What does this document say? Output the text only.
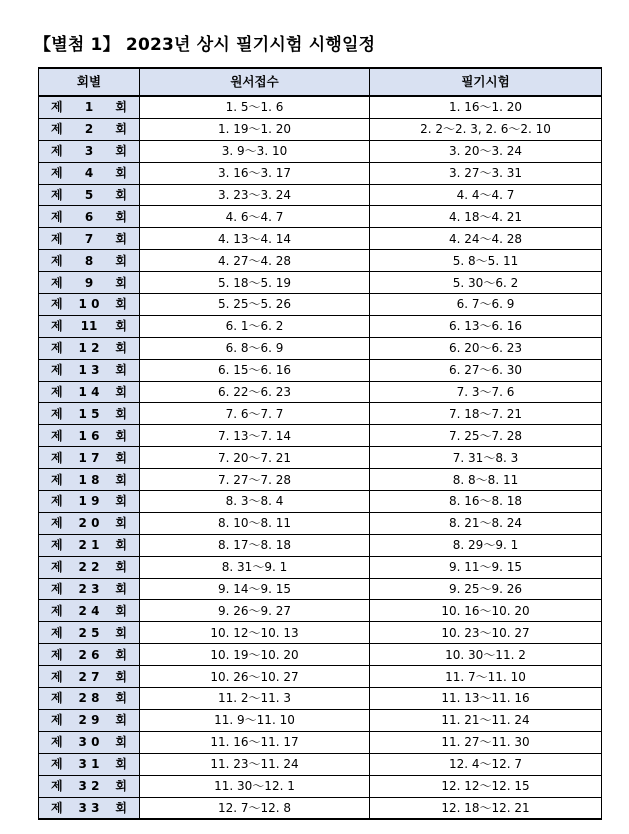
【별첨 1】 2023년 상시 필기시험 시행일정
회별	원서접수	필기시험

제 1 회	1. 5～1. 6	1. 16～1. 20

제 2 회	1. 19～1. 20	2. 2～2. 3, 2. 6～2. 10

제 3 회	3. 9～3. 10	3. 20～3. 24

제 4 회	3. 16～3. 17	3. 27～3. 31

제 5 회	3. 23～3. 24	4. 4～4. 7

제 6 회	4. 6～4. 7	4. 18～4. 21

제 7 회	4. 13～4. 14	4. 24～4. 28

제 8 회	4. 27～4. 28	5. 8～5. 11

제 9 회	5. 18～5. 19	5. 30～6. 2

제 1 0 회	5. 25～5. 26	6. 7～6. 9

제 11 회	6. 1～6. 2	6. 13～6. 16

제 1 2 회	6. 8～6. 9	6. 20～6. 23

제 1 3 회	6. 15～6. 16	6. 27～6. 30

제 1 4 회	6. 22～6. 23	7. 3～7. 6

제 1 5 회	7. 6～7. 7	7. 18～7. 21

제 1 6 회	7. 13～7. 14	7. 25～7. 28

제 1 7 회	7. 20～7. 21	7. 31～8. 3

제 1 8 회	7. 27～7. 28	8. 8～8. 11

제 1 9 회	8. 3～8. 4	8. 16～8. 18

제 2 0 회	8. 10～8. 11	8. 21～8. 24

제 2 1 회	8. 17～8. 18	8. 29～9. 1

제 2 2 회	8. 31～9. 1	9. 11～9. 15

제 2 3 회	9. 14～9. 15	9. 25～9. 26

제 2 4 회	9. 26～9. 27	10. 16～10. 20

제 2 5 회	10. 12～10. 13	10. 23～10. 27

제 2 6 회	10. 19～10. 20	10. 30～11. 2

제 2 7 회	10. 26～10. 27	11. 7～11. 10

제 2 8 회	11. 2～11. 3	11. 13～11. 16

제 2 9 회	11. 9～11. 10	11. 21～11. 24

제 3 0 회	11. 16～11. 17	11. 27～11. 30

제 3 1 회	11. 23～11. 24	12. 4～12. 7

제 3 2 회	11. 30～12. 1	12. 12～12. 15

제 3 3 회	12. 7～12. 8	12. 18～12. 21
